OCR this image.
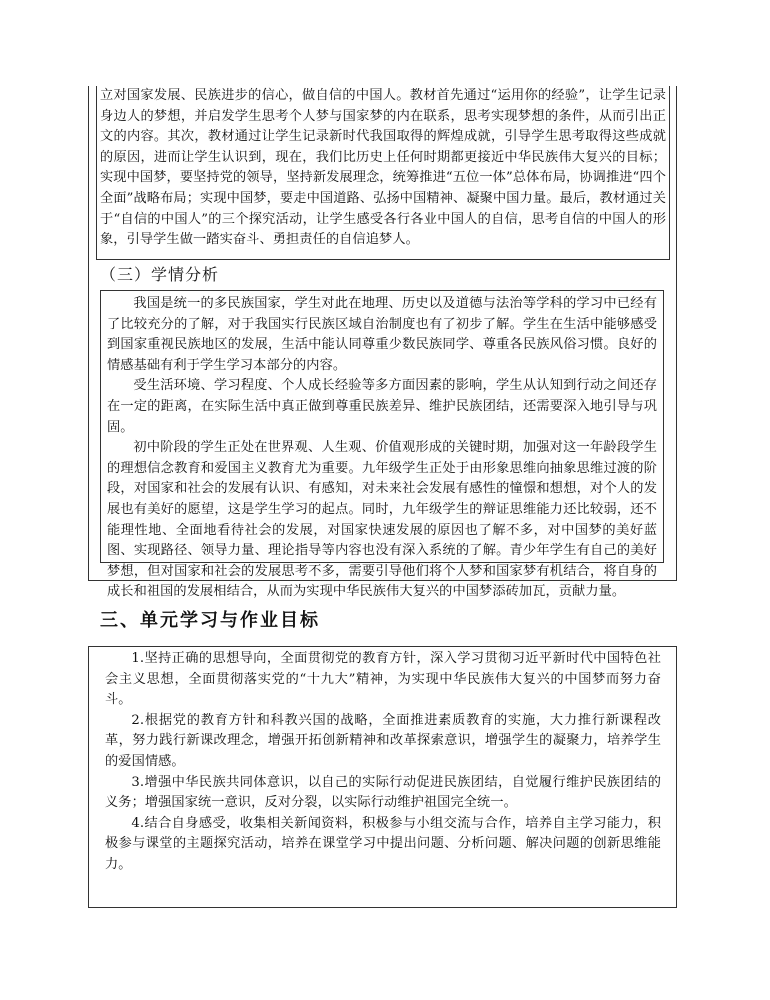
立对国家发展、民族进步的信心，做自信的中国人。教材首先通过“运用你的经验”，让学生记录身边人的梦想，并启发学生思考个人梦与国家梦的内在联系，思考实现梦想的条件，从而引出正文的内容。其次，教材通过让学生记录新时代我国取得的辉煌成就，引导学生思考取得这些成就的原因，进而让学生认识到，现在，我们比历史上任何时期都更接近中华民族伟大复兴的目标；实现中国梦，要坚持党的领导，坚持新发展理念，统筹推进“五位一体”总体布局，协调推进“四个全面”战略布局；实现中国梦，要走中国道路、弘扬中国精神、凝聚中国力量。最后，教材通过关于“自信的中国人”的三个探究活动，让学生感受各行各业中国人的自信，思考自信的中国人的形象，引导学生做一踏实奋斗、勇担责任的自信追梦人。

（三）学情分析

我国是统一的多民族国家，学生对此在地理、历史以及道德与法治等学科的学习中已经有了比较充分的了解，对于我国实行民族区域自治制度也有了初步了解。学生在生活中能够感受到国家重视民族地区的发展，生活中能认同尊重少数民族同学、尊重各民族风俗习惯。良好的情感基础有利于学生学习本部分的内容。

受生活环境、学习程度、个人成长经验等多方面因素的影响，学生从认知到行动之间还存在一定的距离，在实际生活中真正做到尊重民族差异、维护民族团结，还需要深入地引导与巩固。

初中阶段的学生正处在世界观、人生观、价值观形成的关键时期，加强对这一年龄段学生的理想信念教育和爱国主义教育尤为重要。九年级学生正处于由形象思维向抽象思维过渡的阶段，对国家和社会的发展有认识、有感知，对未来社会发展有感性的憧憬和想想，对个人的发展也有美好的愿望，这是学生学习的起点。同时，九年级学生的辩证思维能力还比较弱，还不能理性地、全面地看待社会的发展，对国家快速发展的原因也了解不多，对中国梦的美好蓝图、实现路径、领导力量、理论指导等内容也没有深入系统的了解。青少年学生有自己的美好梦想，但对国家和社会的发展思考不多，需要引导他们将个人梦和国家梦有机结合，将自身的成长和祖国的发展相结合，从而为实现中华民族伟大复兴的中国梦添砖加瓦，贡献力量。

三、单元学习与作业目标

1.坚持正确的思想导向，全面贯彻党的教育方针，深入学习贯彻习近平新时代中国特色社会主义思想，全面贯彻落实党的“十九大”精神，为实现中华民族伟大复兴的中国梦而努力奋斗。

2.根据党的教育方针和科教兴国的战略，全面推进素质教育的实施，大力推行新课程改革，努力践行新课改理念，增强开拓创新精神和改革探索意识，增强学生的凝聚力，培养学生的爱国情感。

3.增强中华民族共同体意识，以自己的实际行动促进民族团结，自觉履行维护民族团结的义务；增强国家统一意识，反对分裂，以实际行动维护祖国完全统一。

4.结合自身感受，收集相关新闻资料，积极参与小组交流与合作，培养自主学习能力，积极参与课堂的主题探究活动，培养在课堂学习中提出问题、分析问题、解决问题的创新思维能力。
